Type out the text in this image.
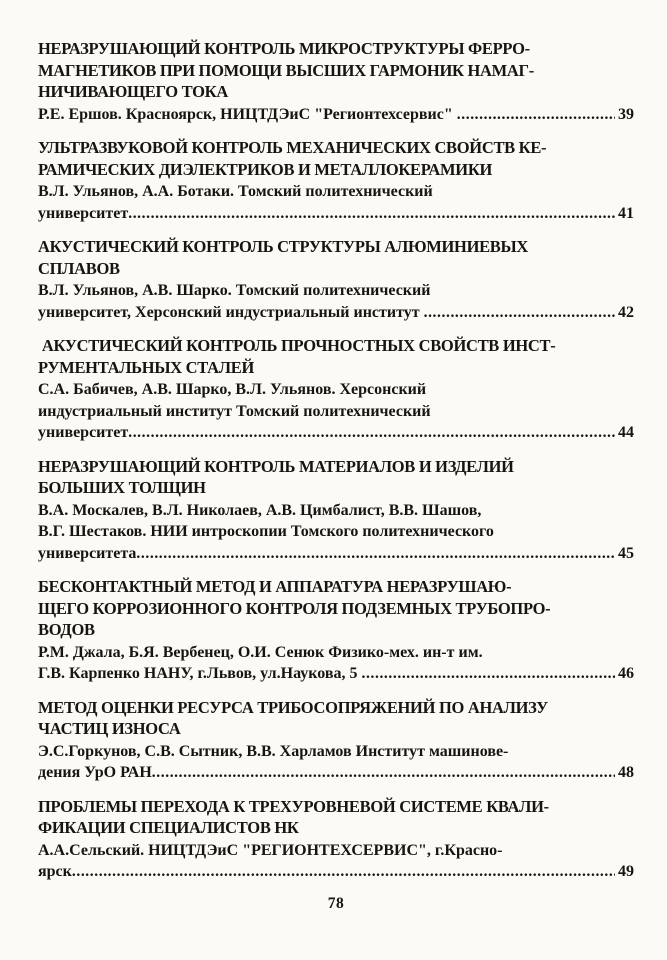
НЕРАЗРУШАЮЩИЙ КОНТРОЛЬ МИКРОСТРУКТУРЫ ФЕРРО-
МАГНЕТИКОВ ПРИ ПОМОЩИ ВЫСШИХ ГАРМОНИК НАМАГ-
НИЧИВАЮЩЕГО ТОКА
Р.Е. Ершов. Красноярск, НИЦТДЭиС "Регионтехсервис" .....	39
УЛЬТРАЗВУКОВОЙ КОНТРОЛЬ МЕХАНИЧЕСКИХ СВОЙСТВ КЕ-
РАМИЧЕСКИХ ДИЭЛЕКТРИКОВ И МЕТАЛЛОКЕРАМИКИ
В.Л. Ульянов, А.А. Ботаки. Томский политехнический
университет .....	41
АКУСТИЧЕСКИЙ КОНТРОЛЬ СТРУКТУРЫ АЛЮМИНИЕВЫХ
СПЛАВОВ
В.Л. Ульянов, А.В. Шарко. Томский политехнический
университет, Херсонский индустриальный институт .....	42
АКУСТИЧЕСКИЙ КОНТРОЛЬ ПРОЧНОСТНЫХ СВОЙСТВ ИНСТ-
РУМЕНТАЛЬНЫХ СТАЛЕЙ
С.А. Бабичев, А.В. Шарко, В.Л. Ульянов. Херсонский
индустриальный институт Томский политехнический
университет .....	44
НЕРАЗРУШАЮЩИЙ КОНТРОЛЬ МАТЕРИАЛОВ И ИЗДЕЛИЙ
БОЛЬШИХ ТОЛЩИН
В.А. Москалев, В.Л. Николаев, А.В. Цимбалист, В.В. Шашов,
В.Г. Шестаков. НИИ интроскопии Томского политехнического
университета .....	45
БЕСКОНТАКТНЫЙ МЕТОД И АППАРАТУРА НЕРАЗРУШАЮ-
ЩЕГО КОРРОЗИОННОГО КОНТРОЛЯ ПОДЗЕМНЫХ ТРУБОПРО-
ВОДОВ
Р.М. Джала, Б.Я. Вербенец, О.И. Сенюк Физико-мех. ин-т им.
Г.В. Карпенко НАНУ, г.Львов, ул.Наукова, 5 .....	46
МЕТОД ОЦЕНКИ РЕСУРСА ТРИБОСОПРЯЖЕНИЙ ПО АНАЛИЗУ
ЧАСТИЦ ИЗНОСА
Э.С.Горкунов, С.В. Сытник, В.В. Харламов Институт машинове-
дения УрО РАН .....	48
ПРОБЛЕМЫ ПЕРЕХОДА К ТРЕХУРОВНЕВОЙ СИСТЕМЕ КВАЛИ-
ФИКАЦИИ СПЕЦИАЛИСТОВ НК
А.А.Сельский. НИЦТДЭиС "РЕГИОНТЕХСЕРВИС", г.Красно-
ярск .....	49
78
